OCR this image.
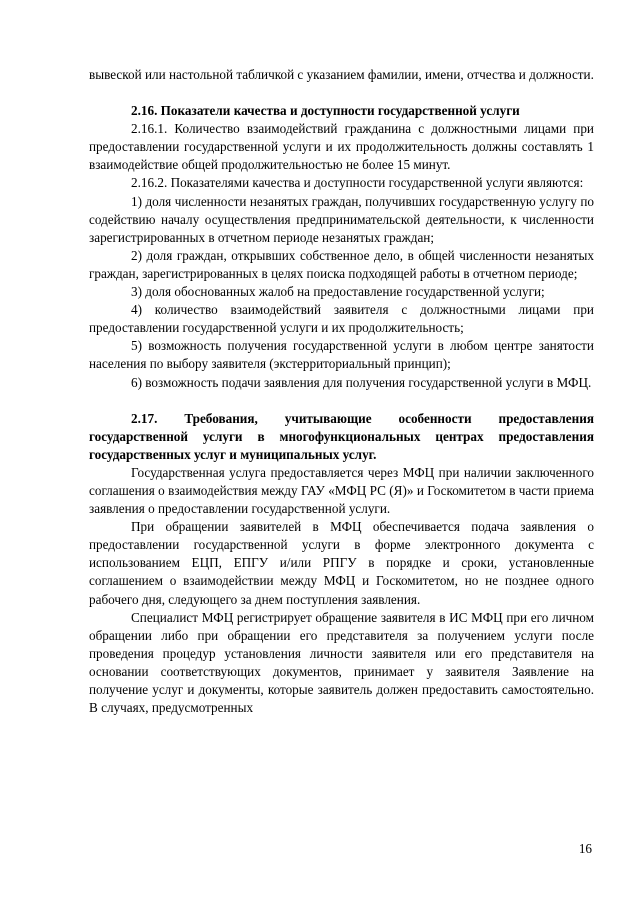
вывеской или настольной табличкой с указанием фамилии, имени, отчества и должности.

2.16. Показатели качества и доступности государственной услуги

2.16.1. Количество взаимодействий гражданина с должностными лицами при предоставлении государственной услуги и их продолжительность должны составлять 1 взаимодействие общей продолжительностью не более 15 минут.

2.16.2. Показателями качества и доступности государственной услуги являются:

1) доля численности незанятых граждан, получивших государственную услугу по содействию началу осуществления предпринимательской деятельности, к численности зарегистрированных в отчетном периоде незанятых граждан;

2) доля граждан, открывших собственное дело, в общей численности незанятых граждан, зарегистрированных в целях поиска подходящей работы в отчетном периоде;

3) доля обоснованных жалоб на предоставление государственной услуги;

4) количество взаимодействий заявителя с должностными лицами при предоставлении государственной услуги и их продолжительность;

5) возможность получения государственной услуги в любом центре занятости населения по выбору заявителя (экстерриториальный принцип);

6) возможность подачи заявления для получения государственной услуги в МФЦ.

2.17. Требования, учитывающие особенности предоставления государственной услуги в многофункциональных центрах предоставления государственных услуг и муниципальных услуг.

Государственная услуга предоставляется через МФЦ при наличии заключенного соглашения о взаимодействия между ГАУ «МФЦ РС (Я)» и Госкомитетом в части приема заявления о предоставлении государственной услуги.

При обращении заявителей в МФЦ обеспечивается подача заявления о предоставлении государственной услуги в форме электронного документа с использованием ЕЦП, ЕПГУ и/или РПГУ в порядке и сроки, установленные соглашением о взаимодействии между МФЦ и Госкомитетом, но не позднее одного рабочего дня, следующего за днем поступления заявления.

Специалист МФЦ регистрирует обращение заявителя в ИС МФЦ при его личном обращении либо при обращении его представителя за получением услуги после проведения процедур установления личности заявителя или его представителя на основании соответствующих документов, принимает у заявителя Заявление на получение услуг и документы, которые заявитель должен предоставить самостоятельно. В случаях, предусмотренных

16
